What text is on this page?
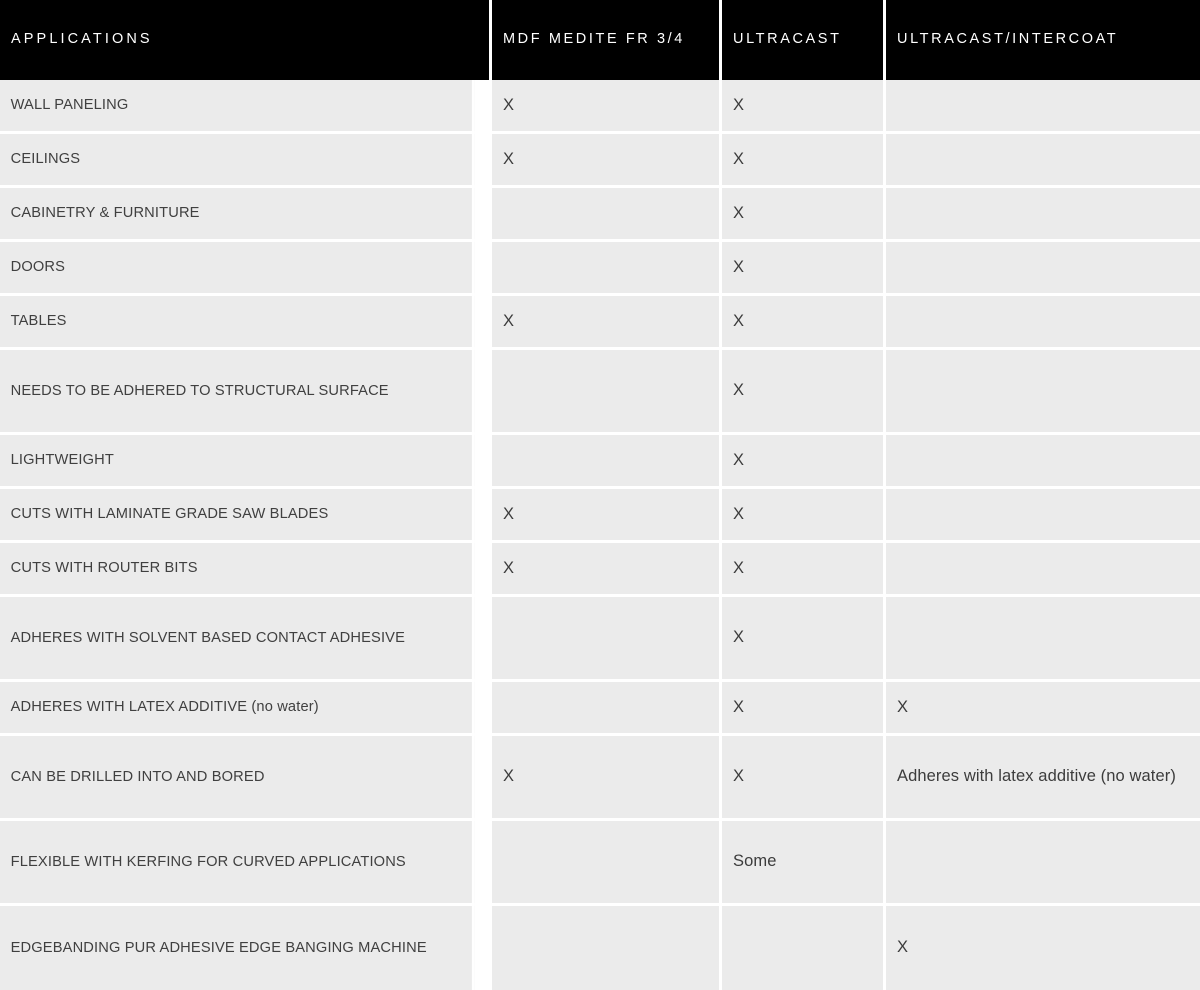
APPLICATIONS	MDF MEDITE FR 3/4	ULTRACAST	ULTRACAST/INTERCOAT
WALL PANELING	X	X	
CEILINGS	X	X	
CABINETRY & FURNITURE		X	
DOORS		X	
TABLES	X	X	
NEEDS TO BE ADHERED TO STRUCTURAL SURFACE		X	
LIGHTWEIGHT		X	
CUTS WITH LAMINATE GRADE SAW BLADES	X	X	
CUTS WITH ROUTER BITS	X	X	
ADHERES WITH SOLVENT BASED CONTACT ADHESIVE		X	
ADHERES WITH LATEX ADDITIVE (no water)		X	X
CAN BE DRILLED INTO AND BORED	X	X	Adheres with latex additive (no water)
FLEXIBLE WITH KERFING FOR CURVED APPLICATIONS		Some	
EDGEBANDING PUR ADHESIVE EDGE BANGING MACHINE			X
